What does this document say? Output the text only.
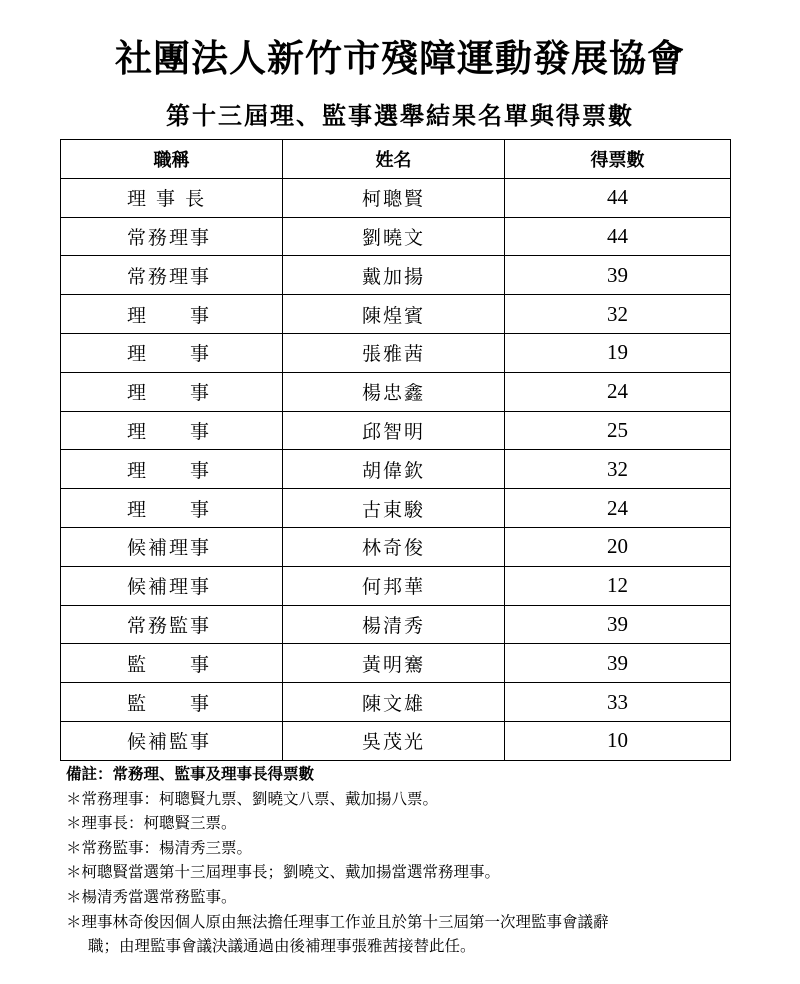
社團法人新竹市殘障運動發展協會
第十三屆理、監事選舉結果名單與得票數
職稱	姓名	得票數
理 事 長	柯聰賢	44
常務理事	劉曉文	44
常務理事	戴加揚	39
理　　事	陳煌賓	32
理　　事	張雅茜	19
理　　事	楊忠鑫	24
理　　事	邱智明	25
理　　事	胡偉欽	32
理　　事	古東駿	24
候補理事	林奇俊	20
候補理事	何邦華	12
常務監事	楊清秀	39
監　　事	黃明騫	39
監　　事	陳文雄	33
候補監事	吳茂光	10
備註：常務理、監事及理事長得票數
＊常務理事：柯聰賢九票、劉曉文八票、戴加揚八票。
＊理事長：柯聰賢三票。
＊常務監事：楊清秀三票。
＊柯聰賢當選第十三屆理事長；劉曉文、戴加揚當選常務理事。
＊楊清秀當選常務監事。
＊理事林奇俊因個人原由無法擔任理事工作並且於第十三屆第一次理監事會議辭
職；由理監事會議決議通過由後補理事張雅茜接替此任。
